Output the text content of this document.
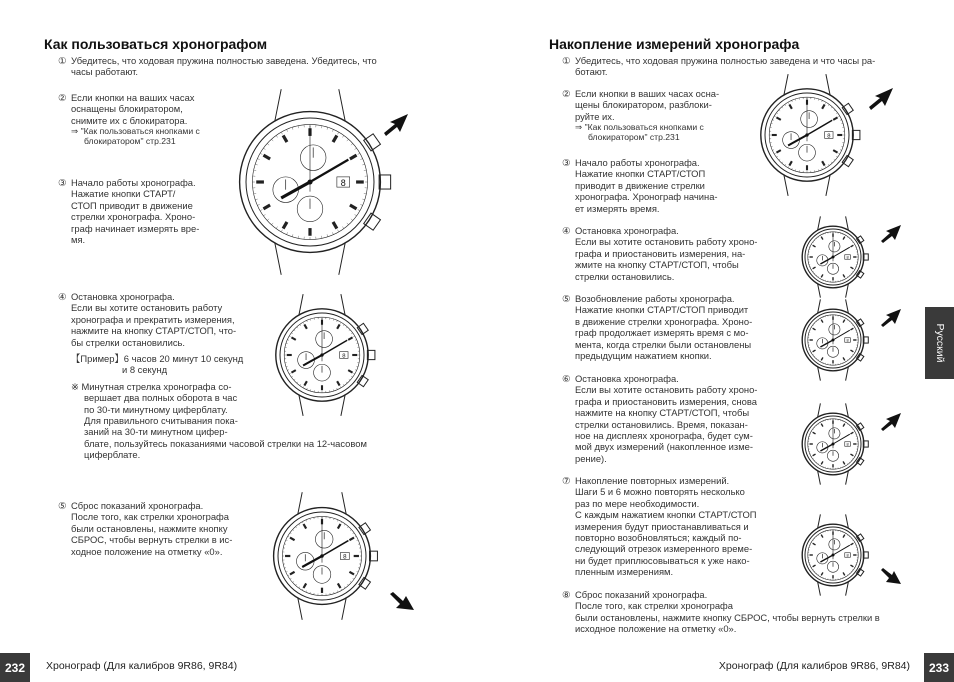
Как пользоваться хронографом
① Убедитесь, что ходовая пружина полностью заведена. Убедитесь, что
часы работают.
② Если кнопки на ваших часах
оснащены блокиратором,
снимите их с блокиратора.
⇒ "Как пользоваться кнопками с
блокиратором" стр.231
③ Начало работы хронографа.
Нажатие кнопки СТАРТ/
СТОП приводит в движение
стрелки хронографа. Хроно-
граф начинает измерять вре-
мя.
④ Остановка хронографа.
Если вы хотите остановить работу
хронографа и прекратить измерения,
нажмите на кнопку СТАРТ/СТОП, что-
бы стрелки остановились.
【Пример】6 часов 20 минут 10 секунд
и 8 секунд
※ Минутная стрелка хронографа со-
вершает два полных оборота в час
по 30-ти минутному циферблату.
Для правильного считывания пока-
заний на 30-ти минутном цифер-
блате, пользуйтесь показаниями часовой стрелки на 12-часовом
циферблате.
⑤ Сброс показаний хронографа.
После того, как стрелки хронографа
были остановлены, нажмите кнопку
СБРОС, чтобы вернуть стрелки в ис-
ходное положение на отметку «0».
8
8
8
Накопление измерений хронографа
① Убедитесь, что ходовая пружина полностью заведена и что часы ра-
ботают.
② Если кнопки в ваших часах осна-
щены блокиратором, разблоки-
руйте их.
⇒ "Как пользоваться кнопками с
блокиратором" стр.231
③ Начало работы хронографа.
Нажатие кнопки СТАРТ/СТОП
приводит в движение стрелки
хронографа. Хронограф начина-
ет измерять время.
④ Остановка хронографа.
Если вы хотите остановить работу хроно-
графа и приостановить измерения, на-
жмите на кнопку СТАРТ/СТОП, чтобы
стрелки остановились.
⑤ Возобновление работы хронографа.
Нажатие кнопки СТАРТ/СТОП приводит
в движение стрелки хронографа. Хроно-
граф продолжает измерять время с мо-
мента, когда стрелки были остановлены
предыдущим нажатием кнопки.
⑥ Остановка хронографа.
Если вы хотите остановить работу хроно-
графа и приостановить измерения, снова
нажмите на кнопку СТАРТ/СТОП, чтобы
стрелки остановились. Время, показан-
ное на дисплеях хронографа, будет сум-
мой двух измерений (накопленное изме-
рение).
⑦ Накопление повторных измерений.
Шаги 5 и 6 можно повторять несколько
раз по мере необходимости.
С каждым нажатием кнопки СТАРТ/СТОП
измерения будут приостанавливаться и
повторно возобновляться; каждый по-
следующий отрезок измеренного време-
ни будет приплюсовываться к уже нако-
пленным измерениям.
⑧ Сброс показаний хронографа.
После того, как стрелки хронографа
были остановлены, нажмите кнопку СБРОС, чтобы вернуть стрелки в
исходное положение на отметку «0».
8
8
8
8
8
Русский
232	Хронограф (Для калибров 9R86, 9R84)	Хронограф (Для калибров 9R86, 9R84)	233
